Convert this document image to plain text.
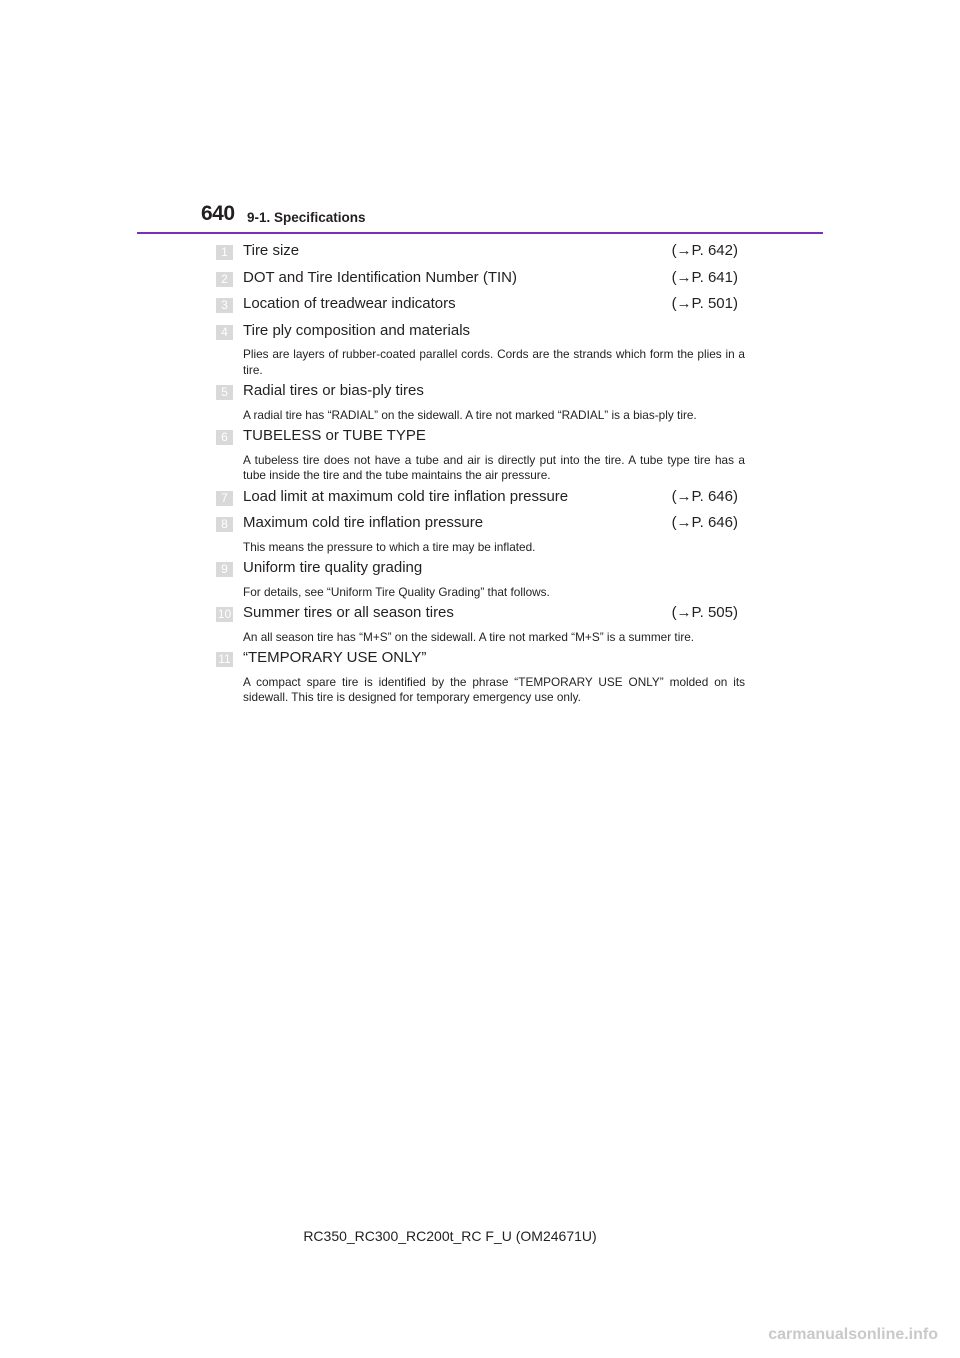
640 9-1. Specifications
1	Tire size	(→P. 642)
2	DOT and Tire Identification Number (TIN)	(→P. 641)
3	Location of treadwear indicators	(→P. 501)
4	Tire ply composition and materials
Plies are layers of rubber-coated parallel cords. Cords are the strands which form the plies in a tire.
5	Radial tires or bias-ply tires
A radial tire has “RADIAL” on the sidewall. A tire not marked “RADIAL” is a bias-ply tire.
6	TUBELESS or TUBE TYPE
A tubeless tire does not have a tube and air is directly put into the tire. A tube type tire has a tube inside the tire and the tube maintains the air pressure.
7	Load limit at maximum cold tire inflation pressure	(→P. 646)
8	Maximum cold tire inflation pressure	(→P. 646)
This means the pressure to which a tire may be inflated.
9	Uniform tire quality grading
For details, see “Uniform Tire Quality Grading” that follows.
10 Summer tires or all season tires	(→P. 505)
An all season tire has “M+S” on the sidewall. A tire not marked “M+S” is a summer tire.
11 “TEMPORARY USE ONLY”
A compact spare tire is identified by the phrase “TEMPORARY USE ONLY” molded on its sidewall. This tire is designed for temporary emergency use only.
RC350_RC300_RC200t_RC F_U (OM24671U)
carmanualsonline.info
